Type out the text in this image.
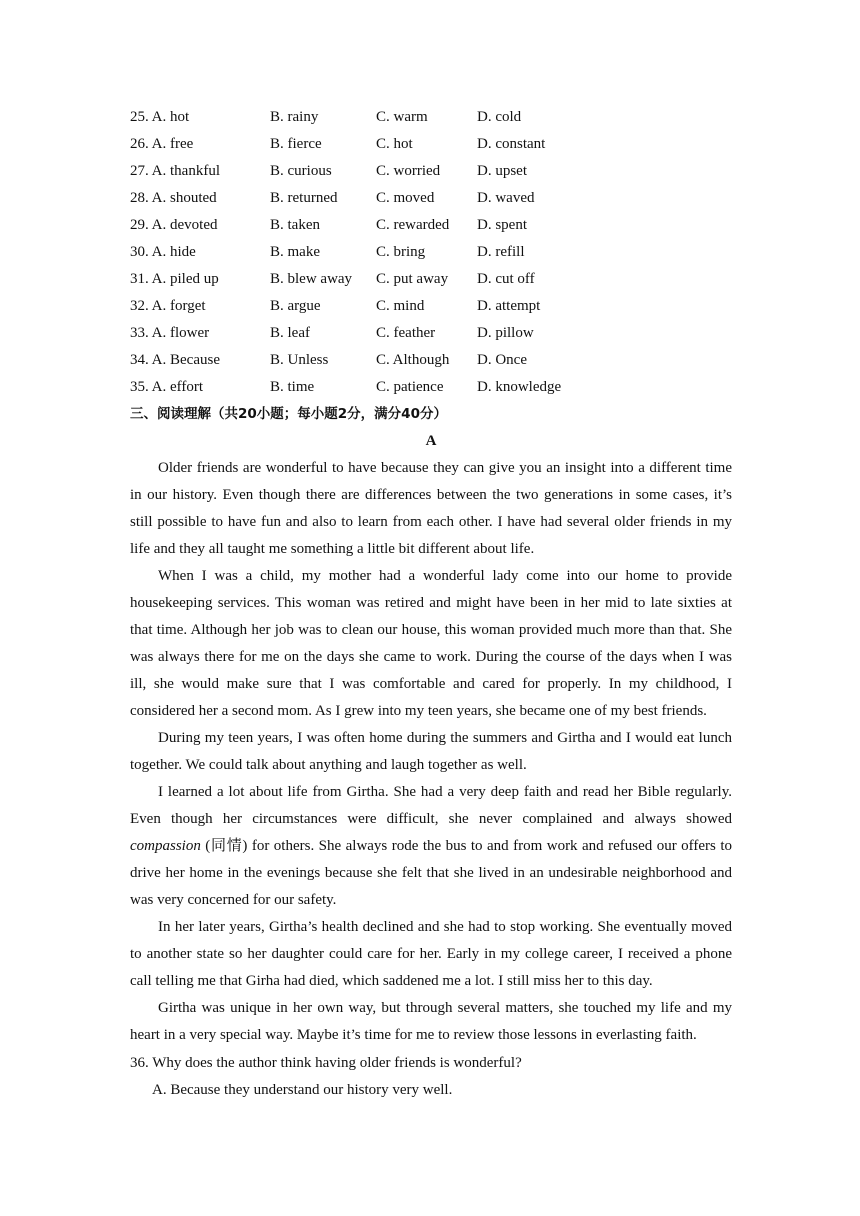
25. A. hot	B. rainy	C. warm	D. cold
26. A. free	B. fierce	C. hot	D. constant
27. A. thankful	B. curious	C. worried D. upset
28. A. shouted	B. returned	C. moved	D. waved
29. A. devoted	B. taken	C. rewarded D. spent
30. A. hide	B. make	C. bring	D. refill
31. A. piled up	B. blew away C. put away D. cut off
32. A. forget	B. argue	C. mind	D. attempt
33. A. flower	B. leaf	C. feather	D. pillow
34. A. Because	B. Unless	C. Although D. Once
35. A. effort	B. time	C. patience D. knowledge
三、阅读理解（共20小题；每小题2分，满分40分）
A

Older friends are wonderful to have because they can give you an insight into a different time in our history. Even though there are differences between the two generations in some cases, it’s still possible to have fun and also to learn from each other. I have had several older friends in my life and they all taught me something a little bit different about life.

When I was a child, my mother had a wonderful lady come into our home to provide housekeeping services. This woman was retired and might have been in her mid to late sixties at that time. Although her job was to clean our house, this woman provided much more than that. She was always there for me on the days she came to work. During the course of the days when I was ill, she would make sure that I was comfortable and cared for properly. In my childhood, I considered her a second mom. As I grew into my teen years, she became one of my best friends.

During my teen years, I was often home during the summers and Girtha and I would eat lunch together. We could talk about anything and laugh together as well.

I learned a lot about life from Girtha. She had a very deep faith and read her Bible regularly. Even though her circumstances were difficult, she never complained and always showed compassion (同情) for others. She always rode the bus to and from work and refused our offers to drive her home in the evenings because she felt that she lived in an undesirable neighborhood and was very concerned for our safety.

In her later years, Girtha’s health declined and she had to stop working. She eventually moved to another state so her daughter could care for her. Early in my college career, I received a phone call telling me that Girha had died, which saddened me a lot. I still miss her to this day.

Girtha was unique in her own way, but through several matters, she touched my life and my heart in a very special way. Maybe it’s time for me to review those lessons in everlasting faith.

36. Why does the author think having older friends is wonderful?
A. Because they understand our history very well.
